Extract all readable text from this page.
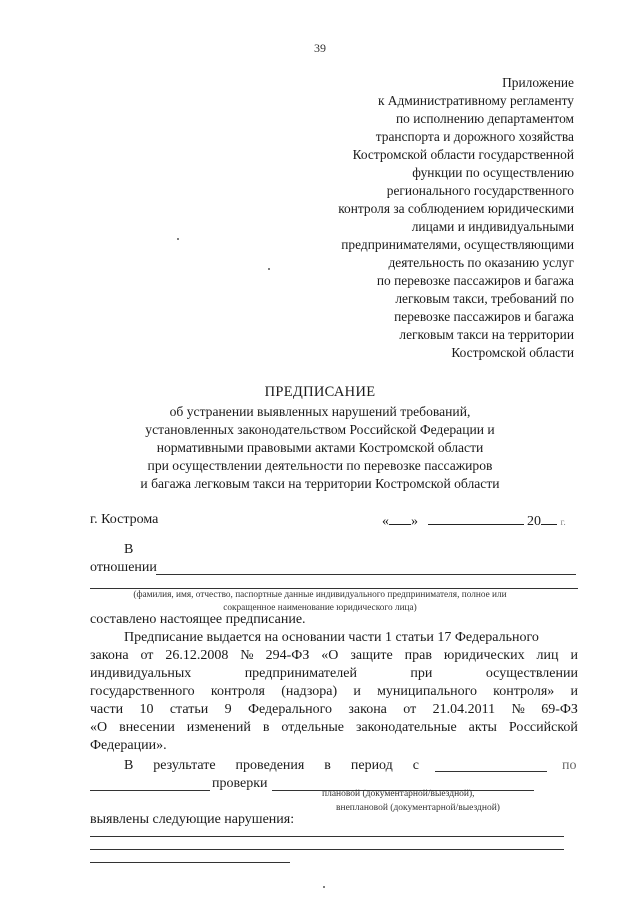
39
Приложение
к Административному регламенту
по исполнению департаментом
транспорта и дорожного хозяйства
Костромской области государственной
функции по осуществлению
регионального государственного
контроля за соблюдением юридическими
лицами и индивидуальными
предпринимателями, осуществляющими
деятельность по оказанию услуг
по перевозке пассажиров и багажа
легковым такси, требований по
перевозке пассажиров и багажа
легковым такси на территории
Костромской области
ПРЕДПИСАНИЕ
об устранении выявленных нарушений требований,
установленных законодательством Российской Федерации и
нормативными правовыми актами Костромской области
при осуществлении деятельности по перевозке пассажиров
и багажа легковым такси на территории Костромской области
г. Кострома	« »	20 г.
В
отношении
(фамилия, имя, отчество, паспортные данные индивидуального предпринимателя, полное или
сокращенное наименование юридического лица)
составлено настоящее предписание.
Предписание выдается на основании части 1 статьи 17 Федерального
закона от 26.12.2008 № 294-ФЗ «О защите прав юридических лиц и
индивидуальных	предпринимателей	при	осуществлении
государственного контроля (надзора) и муниципального контроля» и
части 10 статьи 9 Федерального закона от 21.04.2011 № 69-ФЗ
«О внесении изменений в отдельные законодательные акты Российской
Федерации».
В результате проведения в период с	по
проверки
плановой (документарной/выездной),
внеплановой (документарной/выездной)
выявлены следующие нарушения:
